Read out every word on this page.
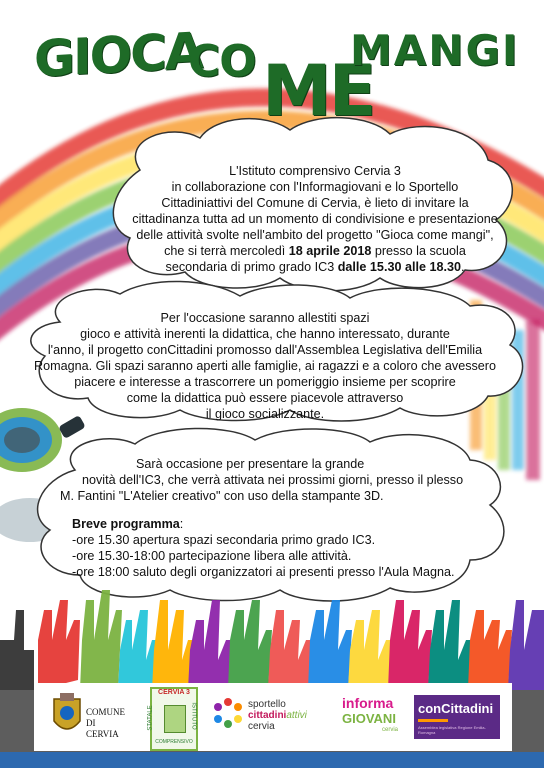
GIOCA
CO ME
MANGI
L'Istituto comprensivo Cervia 3
in collaborazione con l'Informagiovani e lo Sportello
Cittadiniattivi del Comune di Cervia, è lieto di invitare la
cittadinanza tutta ad un momento di condivisione e presentazione
delle attività svolte nell'ambito del progetto "Gioca come mangi",
che si terrà mercoledì 18 aprile 2018 presso la scuola
secondaria di primo grado IC3 dalle 15.30 alle 18.30.
Per l'occasione saranno allestiti spazi
gioco e attività inerenti la didattica, che hanno interessato, durante
l'anno, il progetto conCittadini promosso dall'Assemblea Legislativa dell'Emilia
Romagna. Gli spazi saranno aperti alle famiglie, ai ragazzi e a coloro che avessero
piacere e interesse a trascorrere un pomeriggio insieme per scoprire
come la didattica può essere piacevole attraverso
il gioco socializzante.
Sarà occasione per presentare la grande
novità dell'IC3, che verrà attivata nei prossimi giorni, presso il plesso
M. Fantini "L'Atelier creativo" con uso della stampante 3D.
Breve programma:
-ore 15.30 apertura spazi secondaria primo grado IC3.
-ore 15.30-18:00 partecipazione libera alle attività.
-ore 18:00 saluto degli organizzatori ai presenti presso l'Aula Magna.
COMUNE
DI CERVIA
CERVIA 3
STATALE	ISTITUTO
COMPRENSIVO
sportello
cittadiniattivi
cervia
informa
GIOVANI
cervia
conCittadini
Assemblea legislativa Regione Emilia-Romagna
